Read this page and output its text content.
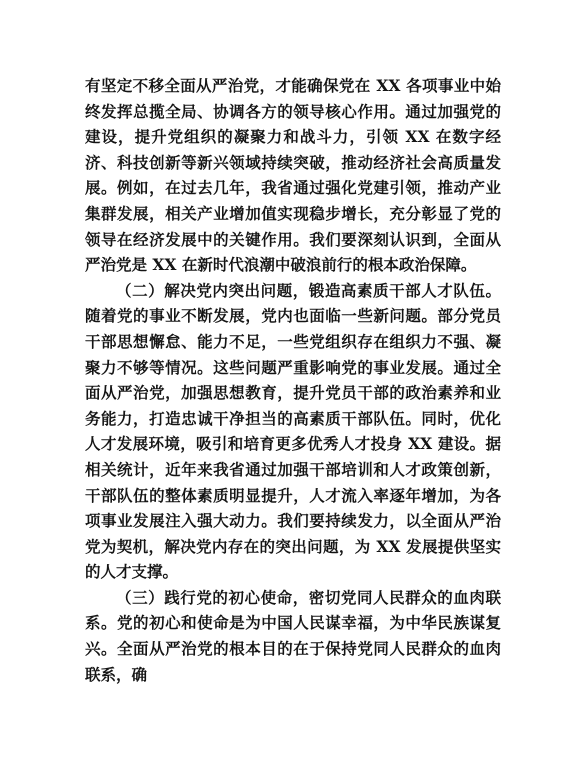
有坚定不移全面从严治党，才能确保党在 XX 各项事业中始终发挥总揽全局、协调各方的领导核心作用。通过加强党的建设，提升党组织的凝聚力和战斗力，引领 XX 在数字经济、科技创新等新兴领域持续突破，推动经济社会高质量发展。例如，在过去几年，我省通过强化党建引领，推动产业集群发展，相关产业增加值实现稳步增长，充分彰显了党的领导在经济发展中的关键作用。我们要深刻认识到，全面从严治党是 XX 在新时代浪潮中破浪前行的根本政治保障。

（二）解决党内突出问题，锻造高素质干部人才队伍。随着党的事业不断发展，党内也面临一些新问题。部分党员干部思想懈怠、能力不足，一些党组织存在组织力不强、凝聚力不够等情况。这些问题严重影响党的事业发展。通过全面从严治党，加强思想教育，提升党员干部的政治素养和业务能力，打造忠诚干净担当的高素质干部队伍。同时，优化人才发展环境，吸引和培育更多优秀人才投身 XX 建设。据相关统计，近年来我省通过加强干部培训和人才政策创新，干部队伍的整体素质明显提升，人才流入率逐年增加，为各项事业发展注入强大动力。我们要持续发力，以全面从严治党为契机，解决党内存在的突出问题，为 XX 发展提供坚实的人才支撑。

（三）践行党的初心使命，密切党同人民群众的血肉联系。党的初心和使命是为中国人民谋幸福，为中华民族谋复兴。全面从严治党的根本目的在于保持党同人民群众的血肉联系，确
